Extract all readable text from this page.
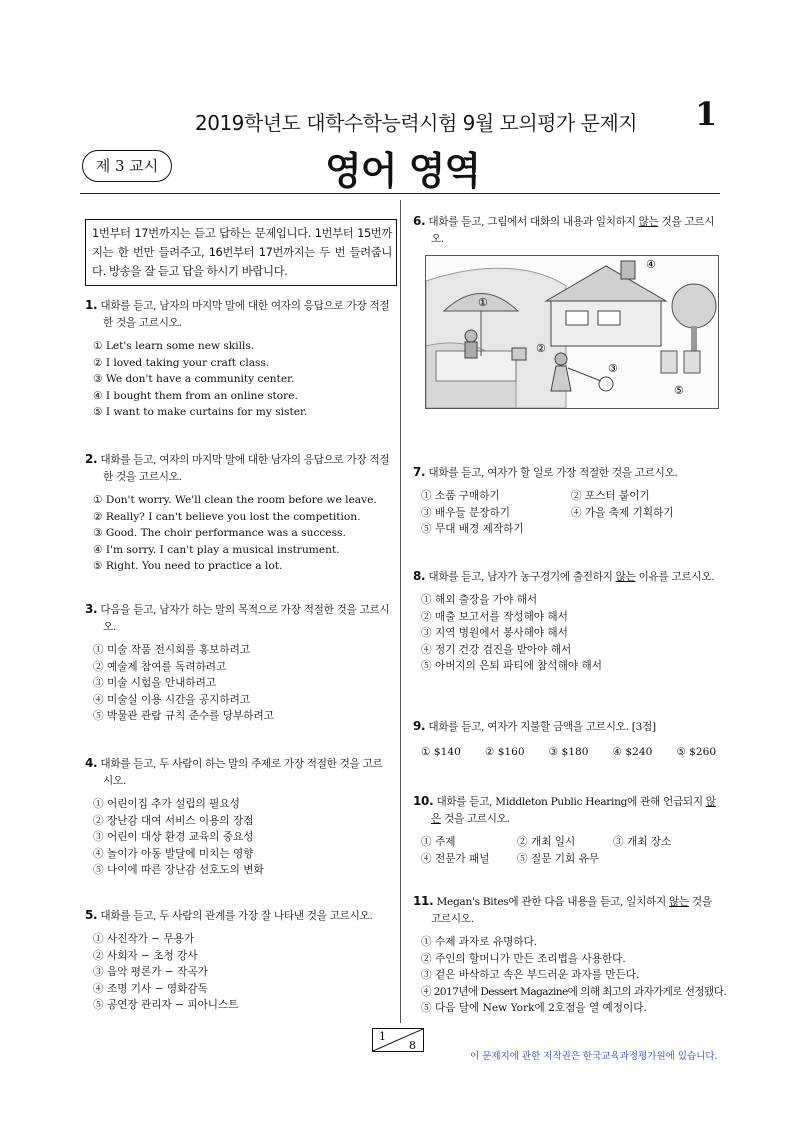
2019학년도 대학수학능력시험 9월 모의평가 문제지 1
제 3 교시	영어 영역
1번부터 17번까지는 듣고 답하는 문제입니다. 1번부터 15번까지는 한 번만 들려주고, 16번부터 17번까지는 두 번 들려줍니다. 방송을 잘 듣고 답을 하시기 바랍니다.
1. 대화를 듣고, 남자의 마지막 말에 대한 여자의 응답으로 가장 적절한 것을 고르시오.
① Let's learn some new skills.
② I loved taking your craft class.
③ We don't have a community center.
④ I bought them from an online store.
⑤ I want to make curtains for my sister.
2. 대화를 듣고, 여자의 마지막 말에 대한 남자의 응답으로 가장 적절한 것을 고르시오.
① Don't worry. We'll clean the room before we leave.
② Really? I can't believe you lost the competition.
③ Good. The choir performance was a success.
④ I'm sorry. I can't play a musical instrument.
⑤ Right. You need to practice a lot.
3. 다음을 듣고, 남자가 하는 말의 목적으로 가장 적절한 것을 고르시오.
① 미술 작품 전시회를 홍보하려고
② 예술제 참여를 독려하려고
③ 미술 시험을 안내하려고
④ 미술실 이용 시간을 공지하려고
⑤ 박물관 관람 규칙 준수를 당부하려고
4. 대화를 듣고, 두 사람이 하는 말의 주제로 가장 적절한 것을 고르시오.
① 어린이집 추가 설립의 필요성
② 장난감 대여 서비스 이용의 장점
③ 어린이 대상 환경 교육의 중요성
④ 놀이가 아동 발달에 미치는 영향
⑤ 나이에 따른 장난감 선호도의 변화
5. 대화를 듣고, 두 사람의 관계를 가장 잘 나타낸 것을 고르시오.
① 사진작가 − 무용가
② 사회자 − 초청 강사
③ 음악 평론가 − 작곡가
④ 조명 기사 − 영화감독
⑤ 공연장 관리자 − 피아니스트
6. 대화를 듣고, 그림에서 대화의 내용과 일치하지 않는 것을 고르시오.
①
②
③
④
⑤
7. 대화를 듣고, 여자가 할 일로 가장 적절한 것을 고르시오.
① 소품 구매하기	② 포스터 붙이기
③ 배우들 분장하기	④ 가을 축제 기획하기
⑤ 무대 배경 제작하기
8. 대화를 듣고, 남자가 농구경기에 출전하지 않는 이유를 고르시오.
① 해외 출장을 가야 해서
② 매출 보고서를 작성해야 해서
③ 지역 병원에서 봉사해야 해서
④ 정기 건강 검진을 받아야 해서
⑤ 아버지의 은퇴 파티에 참석해야 해서
9. 대화를 듣고, 여자가 지불할 금액을 고르시오. [3점]
① $140	② $160	③ $180	④ $240	⑤ $260
10. 대화를 듣고, Middleton Public Hearing에 관해 언급되지 않은 것을 고르시오.
① 주제	② 개최 일시	③ 개최 장소
④ 전문가 패널	⑤ 질문 기회 유무
11. Megan's Bites에 관한 다음 내용을 듣고, 일치하지 않는 것을 고르시오.
① 수제 과자로 유명하다.
② 주인의 할머니가 만든 조리법을 사용한다.
③ 겉은 바삭하고 속은 부드러운 과자를 만든다.
④ 2017년에 Dessert Magazine에 의해 최고의 과자가게로 선정됐다.
⑤ 다음 달에 New York에 2호점을 열 예정이다.
1
8
이 문제지에 관한 저작권은 한국교육과정평가원에 있습니다.
